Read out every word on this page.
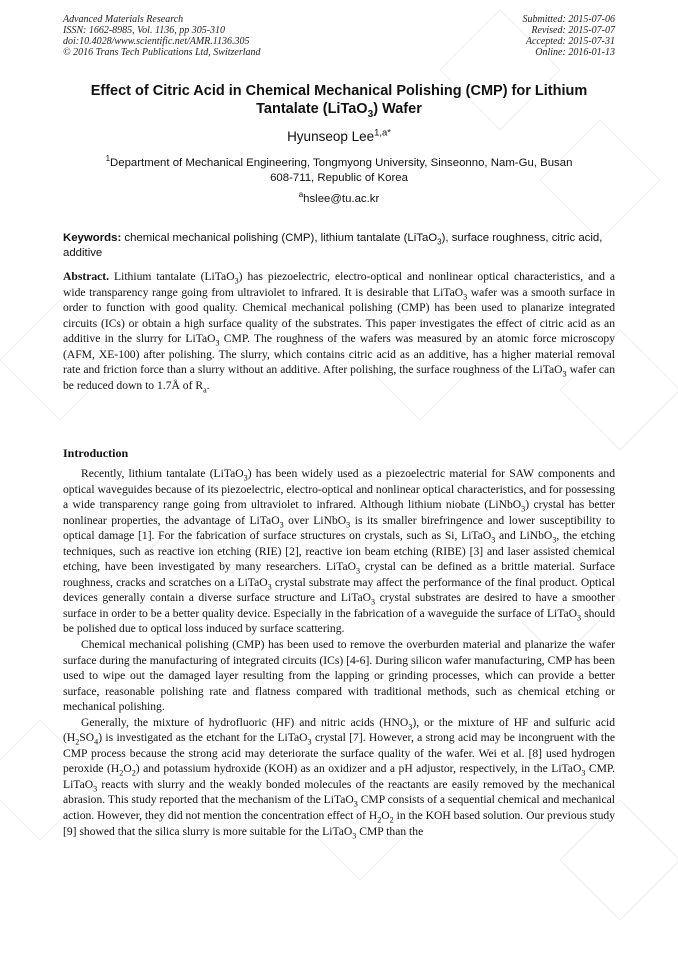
Advanced Materials Research
ISSN: 1662-8985, Vol. 1136, pp 305-310
doi:10.4028/www.scientific.net/AMR.1136.305
© 2016 Trans Tech Publications Ltd, Switzerland
Submitted: 2015-07-06
Revised: 2015-07-07
Accepted: 2015-07-31
Online: 2016-01-13
Effect of Citric Acid in Chemical Mechanical Polishing (CMP) for Lithium
Tantalate (LiTaO$_3$) Wafer
Hyunseop Lee$^{1,a*}$
$^1$Department of Mechanical Engineering, Tongmyong University, Sinseonno, Nam-Gu, Busan
608-711, Republic of Korea
$^a$hslee@tu.ac.kr
Keywords: chemical mechanical polishing (CMP), lithium tantalate (LiTaO$_3$), surface roughness, citric acid, additive
Abstract. Lithium tantalate (LiTaO$_3$) has piezoelectric, electro-optical and nonlinear optical characteristics, and a wide transparency range going from ultraviolet to infrared. It is desirable that LiTaO$_3$ wafer was a smooth surface in order to function with good quality. Chemical mechanical polishing (CMP) has been used to planarize integrated circuits (ICs) or obtain a high surface quality of the substrates. This paper investigates the effect of citric acid as an additive in the slurry for LiTaO$_3$ CMP. The roughness of the wafers was measured by an atomic force microscopy (AFM, XE-100) after polishing. The slurry, which contains citric acid as an additive, has a higher material removal rate and friction force than a slurry without an additive. After polishing, the surface roughness of the LiTaO$_3$ wafer can be reduced down to 1.7Å of $R_a$.
Introduction

Recently, lithium tantalate (LiTaO$_3$) has been widely used as a piezoelectric material for SAW components and optical waveguides because of its piezoelectric, electro-optical and nonlinear optical characteristics, and for possessing a wide transparency range going from ultraviolet to infrared. Although lithium niobate (LiNbO$_3$) crystal has better nonlinear properties, the advantage of LiTaO$_3$ over LiNbO$_3$ is its smaller birefringence and lower susceptibility to optical damage [1]. For the fabrication of surface structures on crystals, such as Si, LiTaO$_3$ and LiNbO$_3$, the etching techniques, such as reactive ion etching (RIE) [2], reactive ion beam etching (RIBE) [3] and laser assisted chemical etching, have been investigated by many researchers. LiTaO$_3$ crystal can be defined as a brittle material. Surface roughness, cracks and scratches on a LiTaO$_3$ crystal substrate may affect the performance of the final product. Optical devices generally contain a diverse surface structure and LiTaO$_3$ crystal substrates are desired to have a smoother surface in order to be a better quality device. Especially in the fabrication of a waveguide the surface of LiTaO$_3$ should be polished due to optical loss induced by surface scattering.

Chemical mechanical polishing (CMP) has been used to remove the overburden material and planarize the wafer surface during the manufacturing of integrated circuits (ICs) [4-6]. During silicon wafer manufacturing, CMP has been used to wipe out the damaged layer resulting from the lapping or grinding processes, which can provide a better surface, reasonable polishing rate and flatness compared with traditional methods, such as chemical etching or mechanical polishing.

Generally, the mixture of hydrofluoric (HF) and nitric acids $(HNO_3)$, or the mixture of HF and sulfuric acid $(H_2SO_4)$ is investigated as the etchant for the LiTaO$_3$ crystal [7]. However, a strong acid may be incongruent with the CMP process because the strong acid may deteriorate the surface quality of the wafer. Wei et al. [8] used hydrogen peroxide $(H_2O_2)$ and potassium hydroxide (KOH) as an oxidizer and a pH adjustor, respectively, in the LiTaO$_3$ CMP. LiTaO$_3$ reacts with slurry and the weakly bonded molecules of the reactants are easily removed by the mechanical abrasion. This study reported that the mechanism of the LiTaO$_3$ CMP consists of a sequential chemical and mechanical action. However, they did not mention the concentration effect of $H_2O_2$ in the KOH based solution. Our previous study [9] showed that the silica slurry is more suitable for the LiTaO$_3$ CMP than the
